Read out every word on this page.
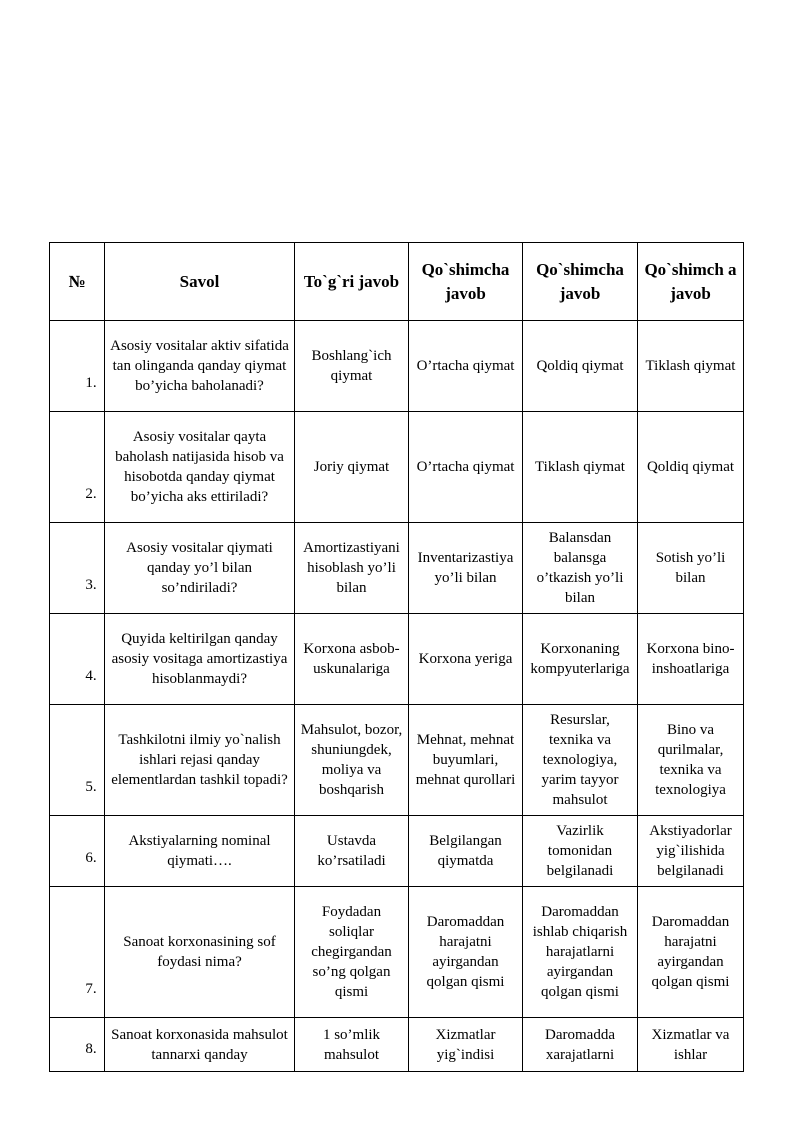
№	Savol	To`g`ri javob	Qo`shimcha javob	Qo`shimcha javob	Qo`shimch a javob
1.	Asosiy vositalar aktiv sifatida tan olinganda qanday qiymat bo’yicha baholanadi?	Boshlang`ich qiymat	O’rtacha qiymat	Qoldiq qiymat	Tiklash qiymat
2.	Asosiy vositalar qayta baholash natijasida hisob va hisobotda qanday qiymat bo’yicha aks ettiriladi?	Joriy qiymat	O’rtacha qiymat	Tiklash qiymat	Qoldiq qiymat
3.	Asosiy vositalar qiymati qanday yo’l bilan so’ndiriladi?	Amortizastiyani hisoblash yo’li bilan	Inventarizastiya yo’li bilan	Balansdan balansga o’tkazish yo’li bilan	Sotish yo’li bilan
4.	Quyida keltirilgan qanday asosiy vositaga amortizastiya hisoblanmaydi?	Korxona asbob-uskunalariga	Korxona yeriga	Korxonaning kompyuterlariga	Korxona bino-inshoatlariga
5.	Tashkilotni ilmiy yo`nalish ishlari rejasi qanday elementlardan tashkil topadi?	Mahsulot, bozor, shuniungdek, moliya va boshqarish	Mehnat, mehnat buyumlari, mehnat qurollari	Resurslar, texnika va texnologiya, yarim tayyor mahsulot	Bino va qurilmalar, texnika va texnologiya
6.	Akstiyalarning nominal qiymati….	Ustavda ko’rsatiladi	Belgilangan qiymatda	Vazirlik tomonidan belgilanadi	Akstiyadorlar yig`ilishida belgilanadi
7.	Sanoat korxonasining sof foydasi nima?	Foydadan soliqlar chegirgandan so’ng qolgan qismi	Daromaddan harajatni ayirgandan qolgan qismi	Daromaddan ishlab chiqarish harajatlarni ayirgandan qolgan qismi	Daromaddan harajatni ayirgandan qolgan qismi
8.	Sanoat korxonasida mahsulot tannarxi qanday	1 so’mlik mahsulot	Xizmatlar yig`indisi	Daromadda xarajatlarni	Xizmatlar va ishlar
